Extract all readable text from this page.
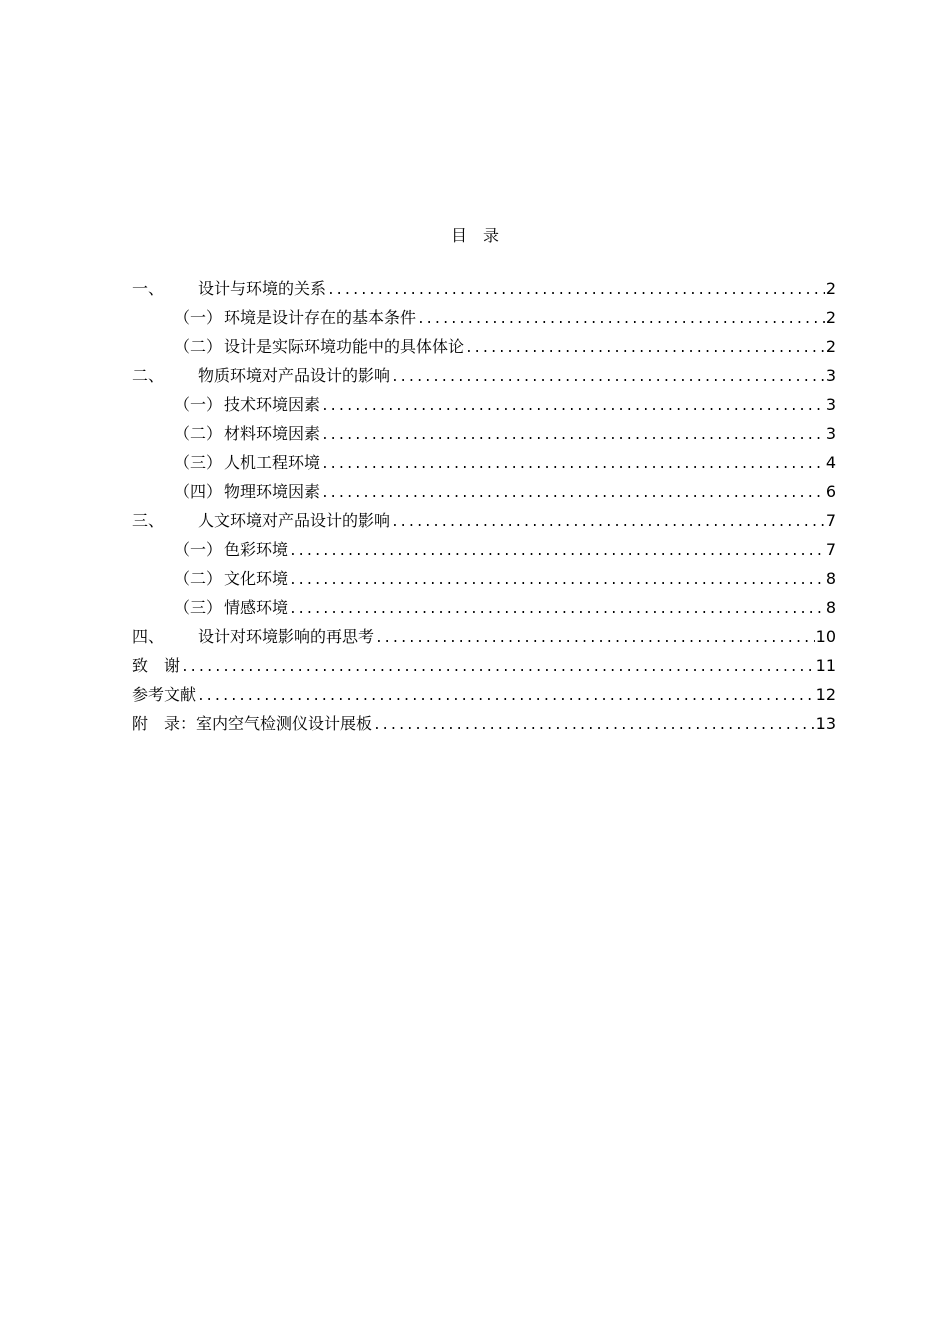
目　录
一、	设计与环境的关系 .....	2
（一） 环境是设计存在的基本条件 .....	2
（二） 设计是实际环境功能中的具体体论 .....	2
二、	物质环境对产品设计的影响 .....	3
（一） 技术环境因素 .....	3
（二） 材料环境因素 .....	3
（三） 人机工程环境 .....	4
（四） 物理环境因素 .....	6
三、	人文环境对产品设计的影响 .....	7
（一） 色彩环境 .....	7
（二） 文化环境 .....	8
（三） 情感环境 .....	8
四、	设计对环境影响的再思考 .....	10
致　谢 .....	11
参考文献 .....	12
附　录：室内空气检测仪设计展板 .....	13
